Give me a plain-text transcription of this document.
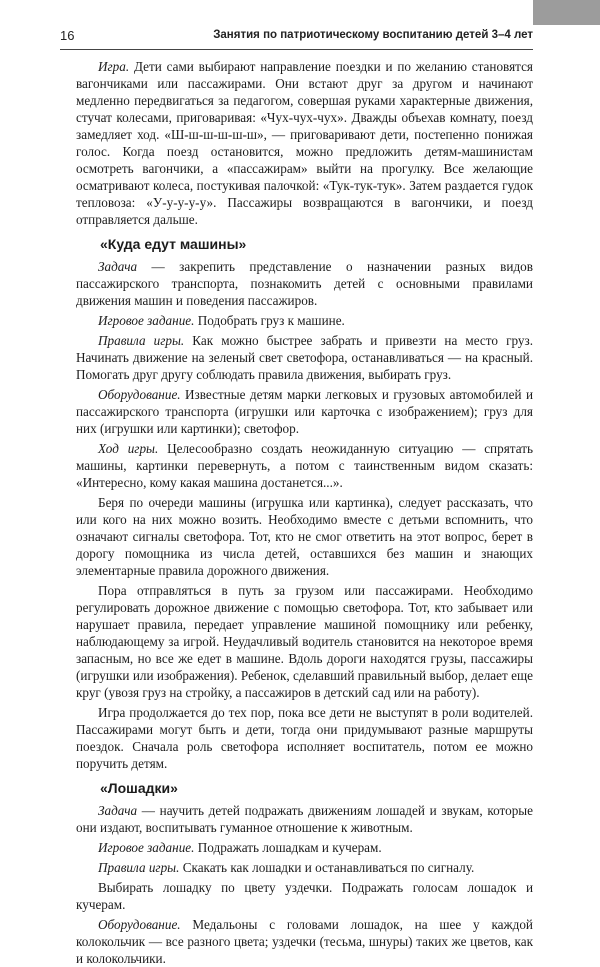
16	Занятия по патриотическому воспитанию детей 3–4 лет

Игра. Дети сами выбирают направление поездки и по желанию становятся вагончиками или пассажирами. Они встают друг за другом и начинают медленно передвигаться за педагогом, совершая руками характерные движения, стучат колесами, приговаривая: «Чух-чух-чух». Дважды объехав комнату, поезд замедляет ход. «Ш-ш-ш-ш-ш-ш», — приговаривают дети, постепенно понижая голос. Когда поезд остановится, можно предложить детям-машинистам осмотреть вагончики, а «пассажирам» выйти на прогулку. Все желающие осматривают колеса, постукивая палочкой: «Тук-тук-тук». Затем раздается гудок тепловоза: «У-у-у-у-у». Пассажиры возвращаются в вагончики, и поезд отправляется дальше.

«Куда едут машины»

Задача — закрепить представление о назначении разных видов пассажирского транспорта, познакомить детей с основными правилами движения машин и поведения пассажиров.

Игровое задание. Подобрать груз к машине.

Правила игры. Как можно быстрее забрать и привезти на место груз. Начинать движение на зеленый свет светофора, останавливаться — на красный. Помогать друг другу соблюдать правила движения, выбирать груз.

Оборудование. Известные детям марки легковых и грузовых автомобилей и пассажирского транспорта (игрушки или карточка с изображением); груз для них (игрушки или картинки); светофор.

Ход игры. Целесообразно создать неожиданную ситуацию — спрятать машины, картинки перевернуть, а потом с таинственным видом сказать: «Интересно, кому какая машина достанется...».

Беря по очереди машины (игрушка или картинка), следует рассказать, что или кого на них можно возить. Необходимо вместе с детьми вспомнить, что означают сигналы светофора. Тот, кто не смог ответить на этот вопрос, берет в дорогу помощника из числа детей, оставшихся без машин и знающих элементарные правила дорожного движения.

Пора отправляться в путь за грузом или пассажирами. Необходимо регулировать дорожное движение с помощью светофора. Тот, кто забывает или нарушает правила, передает управление машиной помощнику или ребенку, наблюдающему за игрой. Неудачливый водитель становится на некоторое время запасным, но все же едет в машине. Вдоль дороги находятся грузы, пассажиры (игрушки или изображения). Ребенок, сделавший правильный выбор, делает еще круг (увозя груз на стройку, а пассажиров в детский сад или на работу).

Игра продолжается до тех пор, пока все дети не выступят в роли водителей. Пассажирами могут быть и дети, тогда они придумывают разные маршруты поездок. Сначала роль светофора исполняет воспитатель, потом ее можно поручить детям.

«Лошадки»

Задача — научить детей подражать движениям лошадей и звукам, которые они издают, воспитывать гуманное отношение к животным.

Игровое задание. Подражать лошадкам и кучерам.

Правила игры. Скакать как лошадки и останавливаться по сигналу.

Выбирать лошадку по цвету уздечки. Подражать голосам лошадок и кучерам.

Оборудование. Медальоны с головами лошадок, на шее у каждой колокольчик — все разного цвета; уздечки (тесьма, шнуры) таких же цветов, как и колокольчики.
